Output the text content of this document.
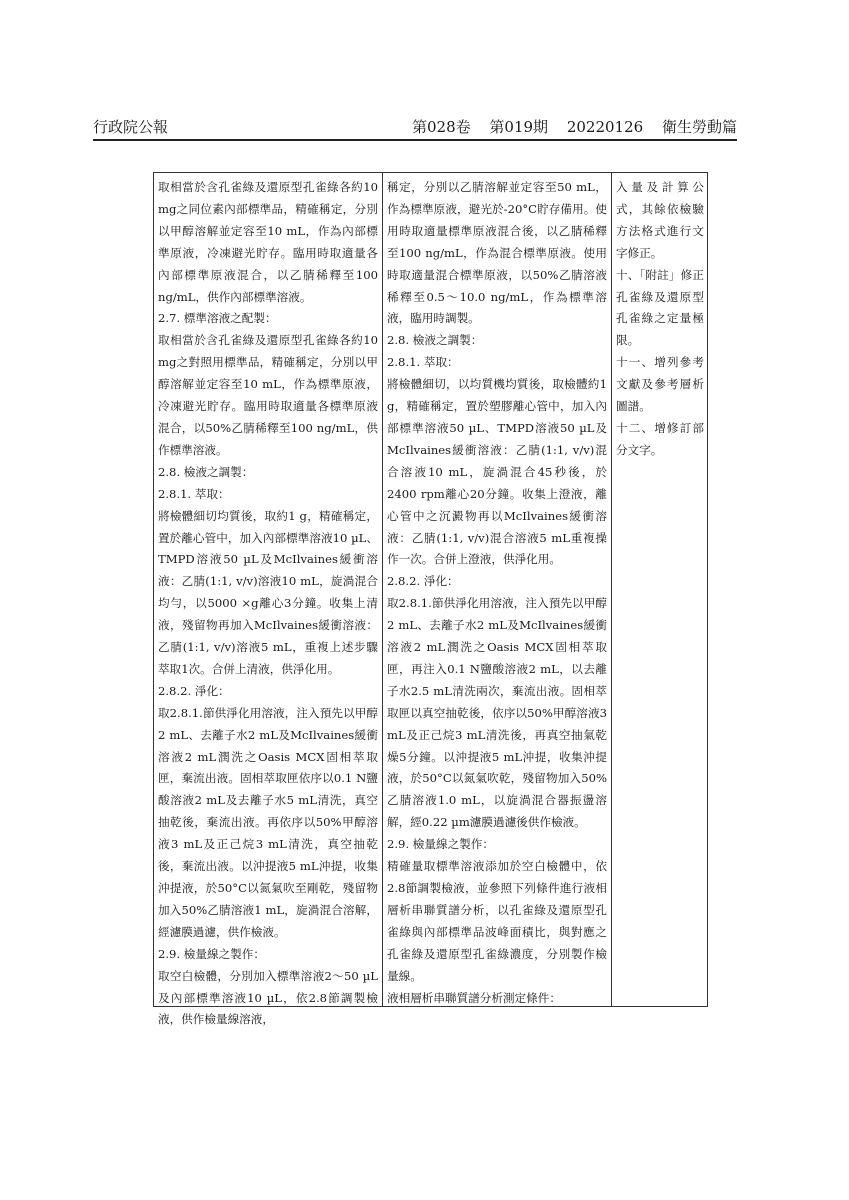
行政院公報	第028卷 第019期 20220126 衛生勞動篇

取相當於含孔雀綠及還原型孔雀綠各約10 mg之同位素內部標準品，精確稱定，分別以甲醇溶解並定容至10 mL，作為內部標準原液，冷凍避光貯存。臨用時取適量各內部標準原液混合，以乙腈稀釋至100 ng/mL，供作內部標準溶液。

2.7. 標準溶液之配製：

取相當於含孔雀綠及還原型孔雀綠各約10 mg之對照用標準品，精確稱定，分別以甲醇溶解並定容至10 mL，作為標準原液，冷凍避光貯存。臨用時取適量各標準原液混合，以50%乙腈稀釋至100 ng/mL，供作標準溶液。

2.8. 檢液之調製：

2.8.1. 萃取：

將檢體細切均質後，取約1 g，精確稱定，置於離心管中，加入內部標準溶液10 µL、TMPD溶液50 µL及McIlvaines緩衝溶液：乙腈(1:1, v/v)溶液10 mL，旋渦混合均勻，以5000 ×g離心3分鐘。收集上清液，殘留物再加入McIlvaines緩衝溶液：乙腈(1:1, v/v)溶液5 mL，重複上述步驟萃取1次。合併上清液，供淨化用。

2.8.2. 淨化：

取2.8.1.節供淨化用溶液，注入預先以甲醇2 mL、去離子水2 mL及McIlvaines緩衝溶液2 mL潤洗之Oasis MCX固相萃取匣，棄流出液。固相萃取匣依序以0.1 N鹽酸溶液2 mL及去離子水5 mL清洗，真空抽乾後，棄流出液。再依序以50%甲醇溶液3 mL及正己烷3 mL清洗，真空抽乾後，棄流出液。以沖提液5 mL沖提，收集沖提液，於50°C以氮氣吹至剛乾，殘留物加入50%乙腈溶液1 mL，旋渦混合溶解，經濾膜過濾，供作檢液。

2.9. 檢量線之製作：

取空白檢體，分別加入標準溶液2～50 µL及內部標準溶液10 µL，依2.8節調製檢液，供作檢量線溶液，

稱定，分別以乙腈溶解並定容至50 mL，作為標準原液，避光於-20°C貯存備用。使用時取適量標準原液混合後，以乙腈稀釋至100 ng/mL，作為混合標準原液。使用時取適量混合標準原液，以50%乙腈溶液稀釋至0.5～10.0 ng/mL，作為標準溶液，臨用時調製。

2.8. 檢液之調製：

2.8.1. 萃取：

將檢體細切，以均質機均質後，取檢體約1 g，精確稱定，置於塑膠離心管中，加入內部標準溶液50 µL、TMPD溶液50 µL及McIlvaines緩衝溶液：乙腈(1:1, v/v)混合溶液10 mL，旋渦混合45秒後，於2400 rpm離心20分鐘。收集上澄液，離心管中之沉澱物再以McIlvaines緩衝溶液：乙腈(1:1, v/v)混合溶液5 mL重複操作一次。合併上澄液，供淨化用。

2.8.2. 淨化：

取2.8.1.節供淨化用溶液，注入預先以甲醇2 mL、去離子水2 mL及McIlvaines緩衝溶液2 mL潤洗之Oasis MCX固相萃取匣，再注入0.1 N鹽酸溶液2 mL，以去離子水2.5 mL清洗兩次，棄流出液。固相萃取匣以真空抽乾後，依序以50%甲醇溶液3 mL及正己烷3 mL清洗後，再真空抽氣乾燥5分鐘。以沖提液5 mL沖提，收集沖提液，於50°C以氮氣吹乾，殘留物加入50%乙腈溶液1.0 mL，以旋渦混合器振盪溶解，經0.22 µm濾膜過濾後供作檢液。

2.9. 檢量線之製作：

精確量取標準溶液添加於空白檢體中，依2.8節調製檢液，並參照下列條件進行液相層析串聯質譜分析，以孔雀綠及還原型孔雀綠與內部標準品波峰面積比，與對應之孔雀綠及還原型孔雀綠濃度，分別製作檢量線。

液相層析串聯質譜分析測定條件：

入量及計算公式，其餘依檢驗方法格式進行文字修正。

十、「附註」修正孔雀綠及還原型孔雀綠之定量極限。

十一、增列參考文獻及參考層析圖譜。

十二、增修訂部分文字。
